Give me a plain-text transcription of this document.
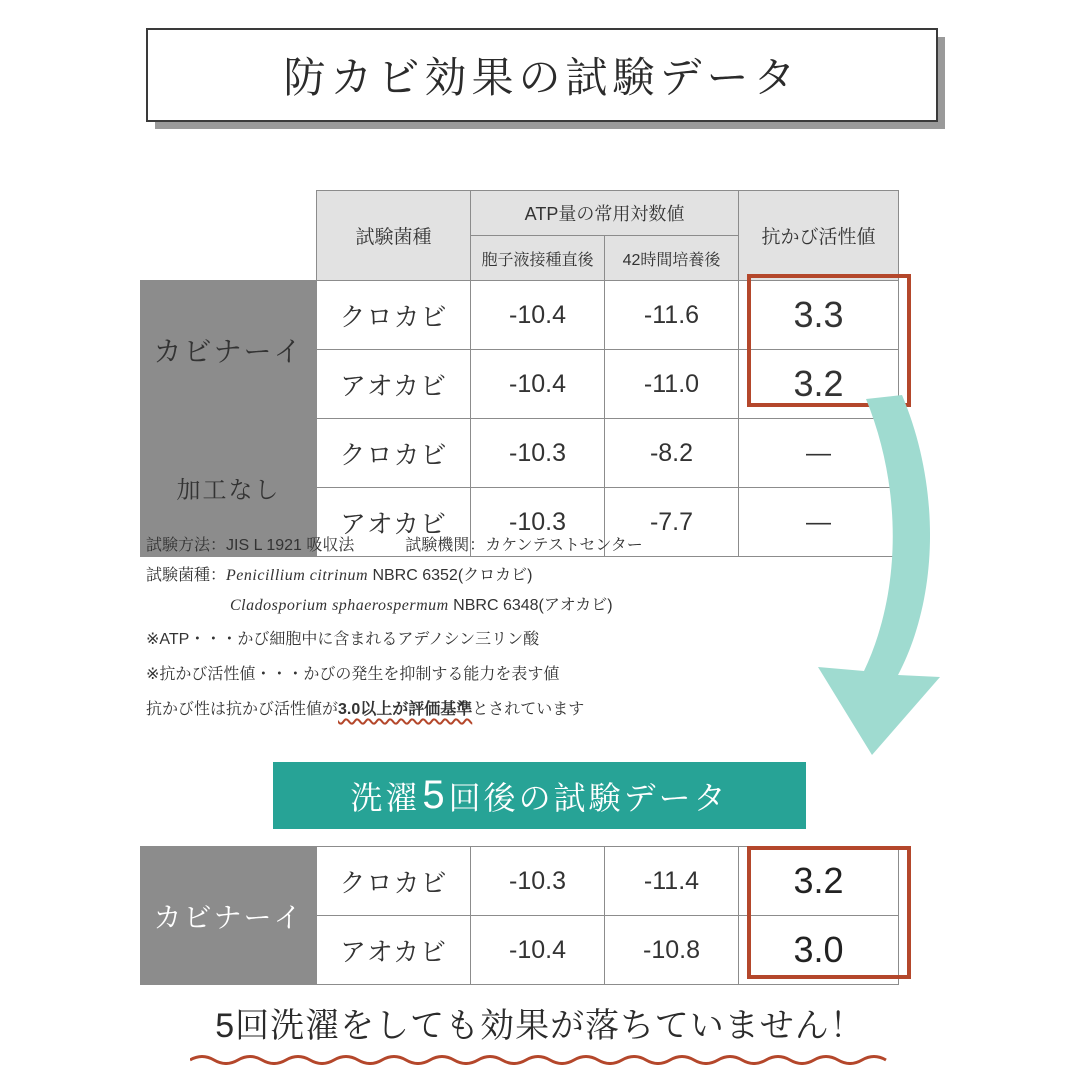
防カビ効果の試験データ
	試験菌種	ATP量の常用対数値		抗かび活性値
		胞子液接種直後	42時間培養後	
カビナーイ	クロカビ	-10.4	-11.6	3.3
	アオカビ	-10.4	-11.0	3.2
加工なし	クロカビ	-10.3	-8.2	—
	アオカビ	-10.3	-7.7	—
試験方法：JIS L 1921 吸収法	試験機関：カケンテストセンター
試験菌種：Penicillium citrinum NBRC 6352(クロカビ)
Cladosporium sphaerospermum NBRC 6348(アオカビ)
※ATP・・・かび細胞中に含まれるアデノシン三リン酸
※抗かび活性値・・・かびの発生を抑制する能力を表す値
抗かび性は抗かび活性値が3.0以上が評価基準とされています
洗濯 5 回後の試験データ
カビナーイ	クロカビ	-10.3	-11.4	3.2
	アオカビ	-10.4	-10.8	3.0
5回洗濯をしても効果が落ちていません！
